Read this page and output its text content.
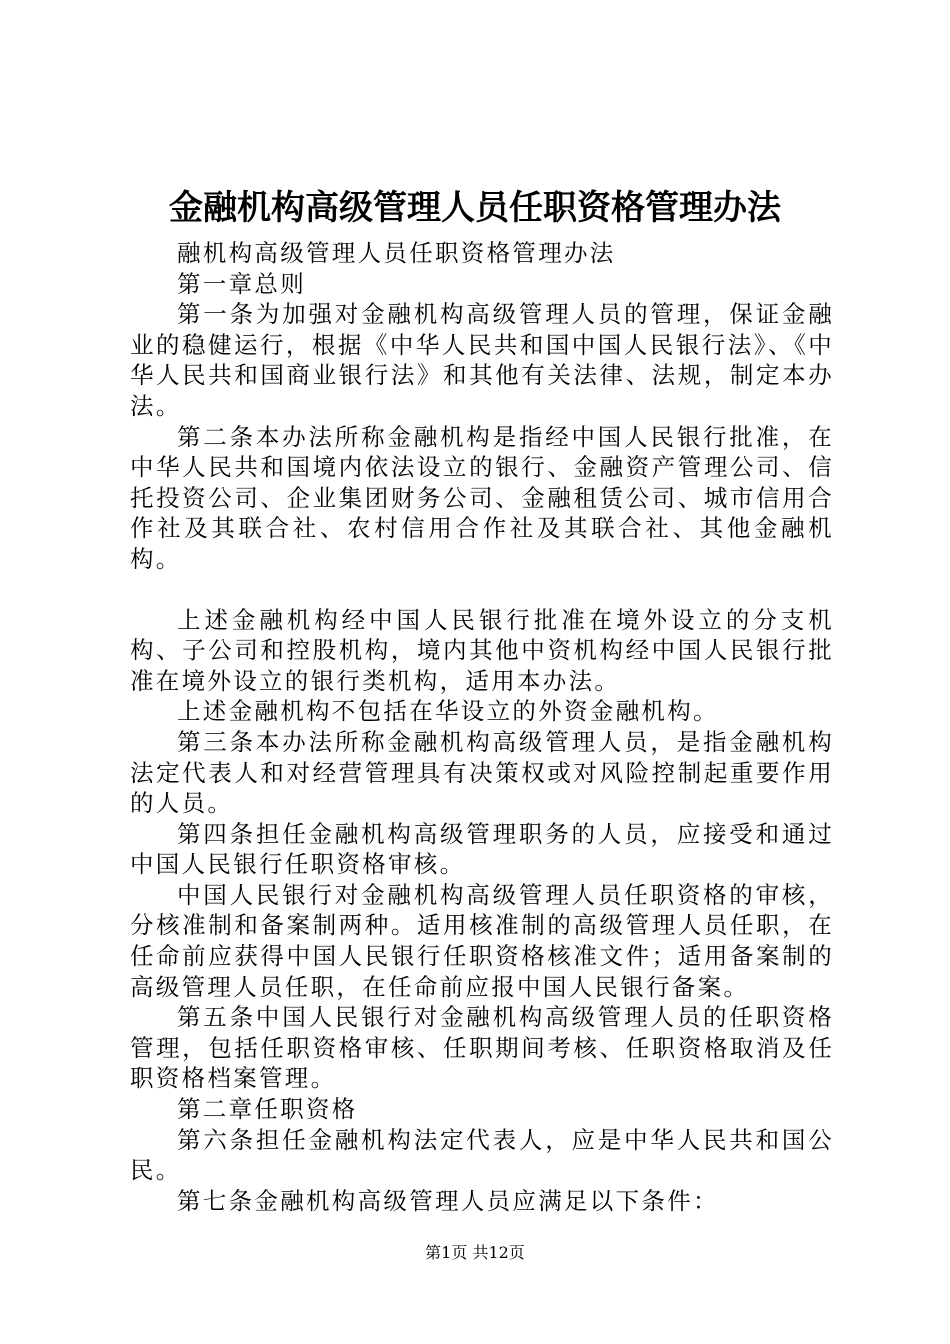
金融机构高级管理人员任职资格管理办法

融机构高级管理人员任职资格管理办法

第一章总则

第一条为加强对金融机构高级管理人员的管理，保证金融业的稳健运行，根据《中华人民共和国中国人民银行法》、《中华人民共和国商业银行法》和其他有关法律、法规，制定本办法。

第二条本办法所称金融机构是指经中国人民银行批准，在中华人民共和国境内依法设立的银行、金融资产管理公司、信托投资公司、企业集团财务公司、金融租赁公司、城市信用合作社及其联合社、农村信用合作社及其联合社、其他金融机构。

上述金融机构经中国人民银行批准在境外设立的分支机构、子公司和控股机构，境内其他中资机构经中国人民银行批准在境外设立的银行类机构，适用本办法。

上述金融机构不包括在华设立的外资金融机构。

第三条本办法所称金融机构高级管理人员，是指金融机构法定代表人和对经营管理具有决策权或对风险控制起重要作用的人员。

第四条担任金融机构高级管理职务的人员，应接受和通过中国人民银行任职资格审核。

中国人民银行对金融机构高级管理人员任职资格的审核，分核准制和备案制两种。适用核准制的高级管理人员任职，在任命前应获得中国人民银行任职资格核准文件；适用备案制的高级管理人员任职，在任命前应报中国人民银行备案。

第五条中国人民银行对金融机构高级管理人员的任职资格管理，包括任职资格审核、任职期间考核、任职资格取消及任职资格档案管理。

第二章任职资格

第六条担任金融机构法定代表人，应是中华人民共和国公民。

第七条金融机构高级管理人员应满足以下条件：

第1页 共12页
